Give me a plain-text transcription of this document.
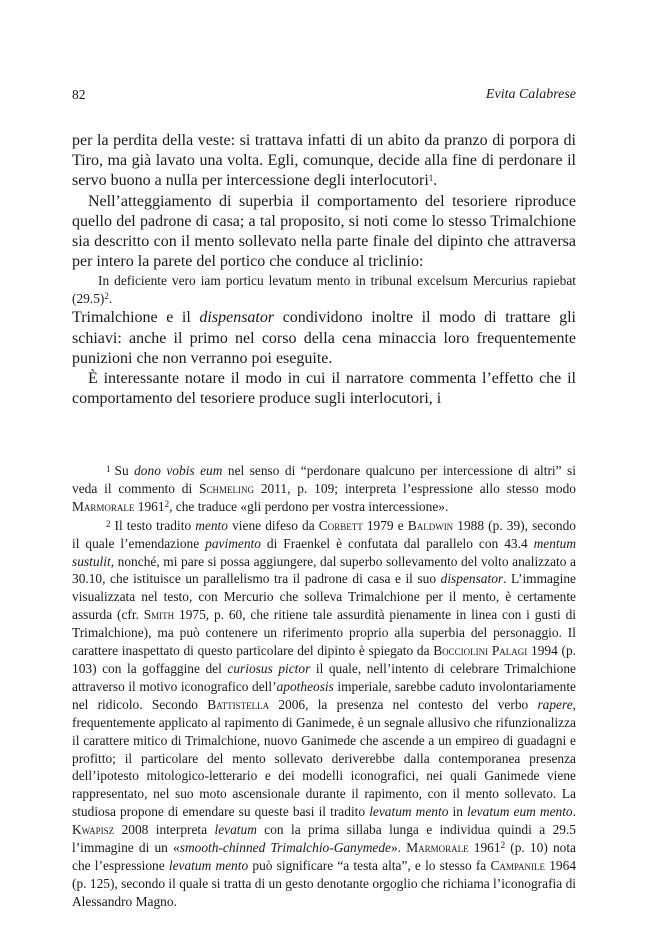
82	Evita Calabrese

per la perdita della veste: si trattava infatti di un abito da pranzo di porpora di Tiro, ma già lavato una volta. Egli, comunque, decide alla fine di perdonare il servo buono a nulla per intercessione degli interlocutori$^1$.

Nell’atteggiamento di superbia il comportamento del tesoriere riproduce quello del padrone di casa; a tal proposito, si noti come lo stesso Trimalchione sia descritto con il mento sollevato nella parte finale del dipinto che attraversa per intero la parete del portico che conduce al triclinio:

In deficiente vero iam porticu levatum mento in tribunal excelsum Mercurius rapiebat $(29.5)^2$.

Trimalchione e il dispensator condividono inoltre il modo di trattare gli schiavi: anche il primo nel corso della cena minaccia loro frequentemente punizioni che non verranno poi eseguite.

È interessante notare il modo in cui il narratore commenta l’effetto che il comportamento del tesoriere produce sugli interlocutori, i

$^1$ Su dono vobis eum nel senso di “perdonare qualcuno per intercessione di altri” si veda il commento di Schmeling 2011, p. 109; interpreta l’espressione allo stesso modo Marmorale 1961$^2$, che traduce «gli perdono per vostra intercessione».

$^2$ Il testo tradito mento viene difeso da Corbett 1979 e Baldwin 1988 (p. 39), secondo il quale l’emendazione pavimento di Fraenkel è confutata dal parallelo con 43.4 mentum sustulit, nonché, mi pare si possa aggiungere, dal superbo sollevamento del volto analizzato a 30.10, che istituisce un parallelismo tra il padrone di casa e il suo dispensator. L’immagine visualizzata nel testo, con Mercurio che solleva Trimalchione per il mento, è certamente assurda (cfr. Smith 1975, p. 60, che ritiene tale assurdità pienamente in linea con i gusti di Trimalchione), ma può contenere un riferimento proprio alla superbia del personaggio. Il carattere inaspettato di questo particolare del dipinto è spiegato da Bocciolini Palagi 1994 (p. 103) con la goffaggine del curiosus pictor il quale, nell’intento di celebrare Trimalchione attraverso il motivo iconografico dell’apotheosis imperiale, sarebbe caduto involontariamente nel ridicolo. Secondo Battistella 2006, la presenza nel contesto del verbo rapere, frequentemente applicato al rapimento di Ganimede, è un segnale allusivo che rifunzionalizza il carattere mitico di Trimalchione, nuovo Ganimede che ascende a un empireo di guadagni e profitto; il particolare del mento sollevato deriverebbe dalla contemporanea presenza dell’ipotesto mitologico-letterario e dei modelli iconografici, nei quali Ganimede viene rappresentato, nel suo moto ascensionale durante il rapimento, con il mento sollevato. La studiosa propone di emendare su queste basi il tradito levatum mento in levatum eum mento. Kwapisz 2008 interpreta levatum con la prima sillaba lunga e individua quindi a 29.5 l’immagine di un «smooth-chinned Trimalchio-Ganymede». Marmorale 1961$^2$ (p. 10) nota che l’espressione levatum mento può significare “a testa alta”, e lo stesso fa Campanile 1964 (p. 125), secondo il quale si tratta di un gesto denotante orgoglio che richiama l’iconografia di Alessandro Magno.
